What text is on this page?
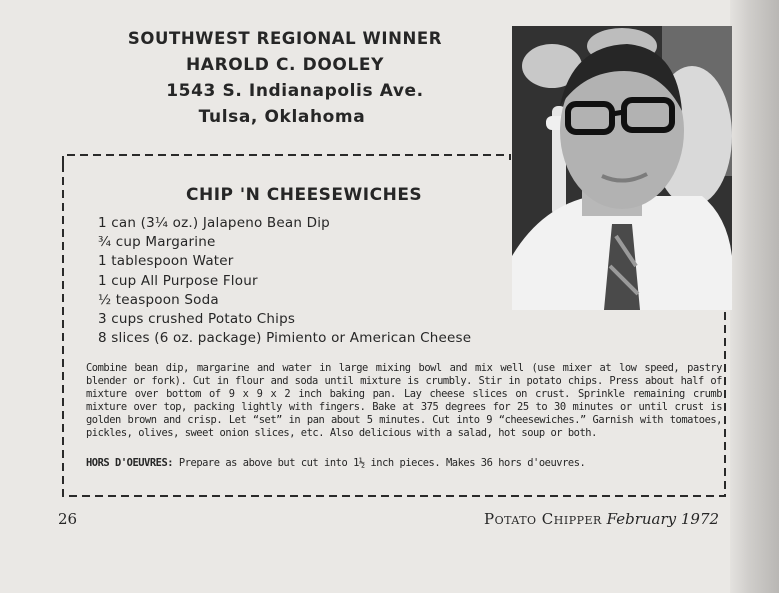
SOUTHWEST REGIONAL WINNER
HAROLD C. DOOLEY
1543 S. Indianapolis Ave.
Tulsa, Oklahoma
CHIP 'N CHEESEWICHES
1 can (3¼ oz.) Jalapeno Bean Dip
¾ cup Margarine
1 tablespoon Water
1 cup All Purpose Flour
½ teaspoon Soda
3 cups crushed Potato Chips
8 slices (6 oz. package) Pimiento or American Cheese

Combine bean dip, margarine and water in large mixing bowl and mix well (use mixer at low speed, pastry blender or fork). Cut in flour and soda until mixture is crumbly. Stir in potato chips. Press about half of mixture over bottom of 9 x 9 x 2 inch baking pan. Lay cheese slices on crust. Sprinkle remaining crumb mixture over top, packing lightly with fingers. Bake at 375 degrees for 25 to 30 minutes or until crust is golden brown and crisp. Let “set” in pan about 5 minutes. Cut into 9 “cheesewiches.” Garnish with tomatoes, pickles, olives, sweet onion slices, etc. Also delicious with a salad, hot soup or both.

HORS D'OEUVRES: Prepare as above but cut into 1½ inch pieces. Makes 36 hors d'oeuvres.

26	Potato Chipper February 1972
